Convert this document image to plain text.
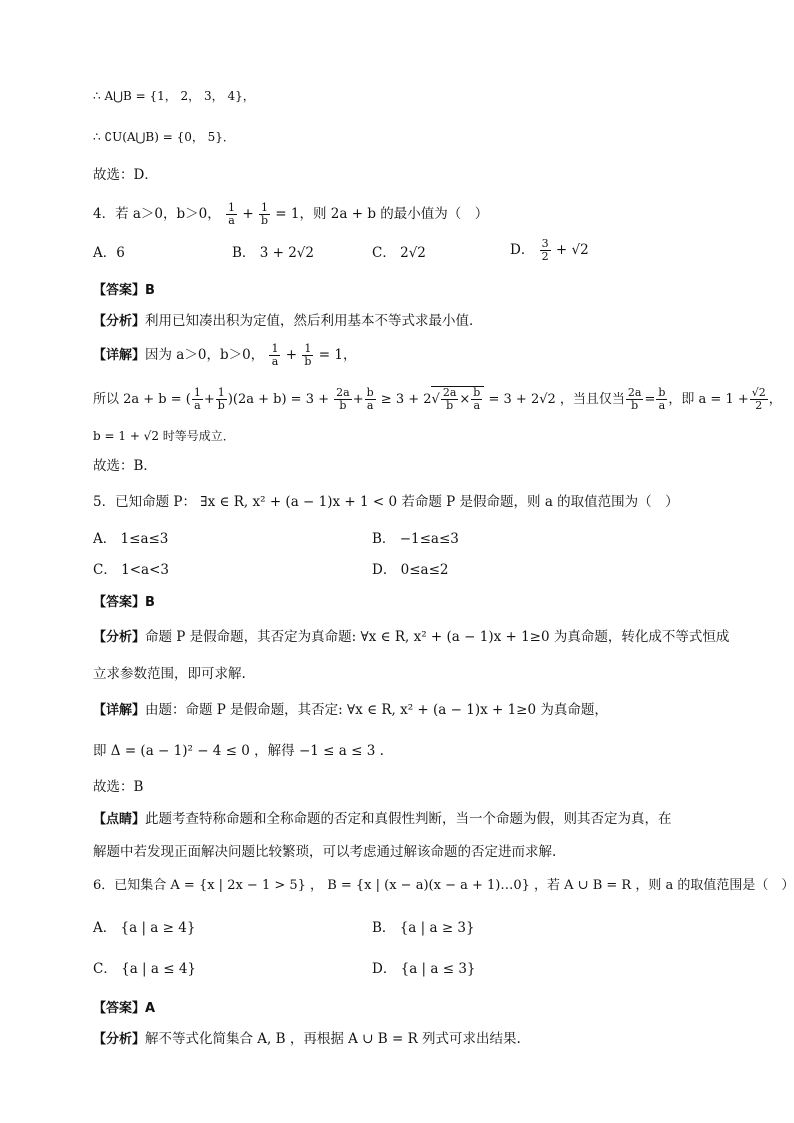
∴ A⋃B = {1， 2， 3， 4}，
∴ ∁U(A⋃B) = {0， 5}．
故选：D．
4．若 a＞0，b＞0， $\frac{1}{a} + \frac{1}{b} = 1$，则 2a + b 的最小值为（　）
A．6	B． 3 + 2√2	C． 2√2	D． $\frac{3}{2} + √2$
【答案】B
【分析】利用已知凑出积为定值，然后利用基本不等式求最小值．
【详解】因为 a＞0，b＞0， $\frac{1}{a} + \frac{1}{b} = 1$，
所以 2a + b = ( $\frac{1}{a} + \frac{1}{b} )(2a + b) = 3 + \frac{2a}{b} + \frac{b}{a} \ge 3 + 2√ \frac{2a}{b} \times \frac{b}{a} = 3 + 2√2$ ，当且仅当 $\frac{2a}{b} = \frac{b}{a}$ ，即 $a = 1 + \frac{√2}{2}$ ，
b = 1 + √2 时等号成立．
故选：B．
5．已知命题 P： ∃x ∈ R, x² + (a − 1)x + 1 < 0 若命题 P 是假命题，则 a 的取值范围为（　）
A． 1≤a≤3	B． −1≤a≤3
C． 1<a<3	D． 0≤a≤2
【答案】B
【分析】命题 P 是假命题，其否定为真命题: ∀x ∈ R, x² + (a − 1)x + 1≥0 为真命题，转化成不等式恒成
立求参数范围，即可求解.
【详解】由题：命题 P 是假命题，其否定: ∀x ∈ R, x² + (a − 1)x + 1≥0 为真命题，
即 Δ = (a − 1)² − 4 ≤ 0 ，解得 −1 ≤ a ≤ 3 .
故选：B
【点睛】此题考查特称命题和全称命题的否定和真假性判断，当一个命题为假，则其否定为真，在
解题中若发现正面解决问题比较繁琐，可以考虑通过解该命题的否定进而求解.
6．已知集合 A = {x | 2x − 1 > 5} ， B = {x | (x − a)(x − a + 1)…0} ，若 A ∪ B = R ，则 a 的取值范围是（　）
A． {a | a ≥ 4}	B． {a | a ≥ 3}
C． {a | a ≤ 4}	D． {a | a ≤ 3}
【答案】A
【分析】解不等式化简集合 A, B ，再根据 A ∪ B = R 列式可求出结果.
